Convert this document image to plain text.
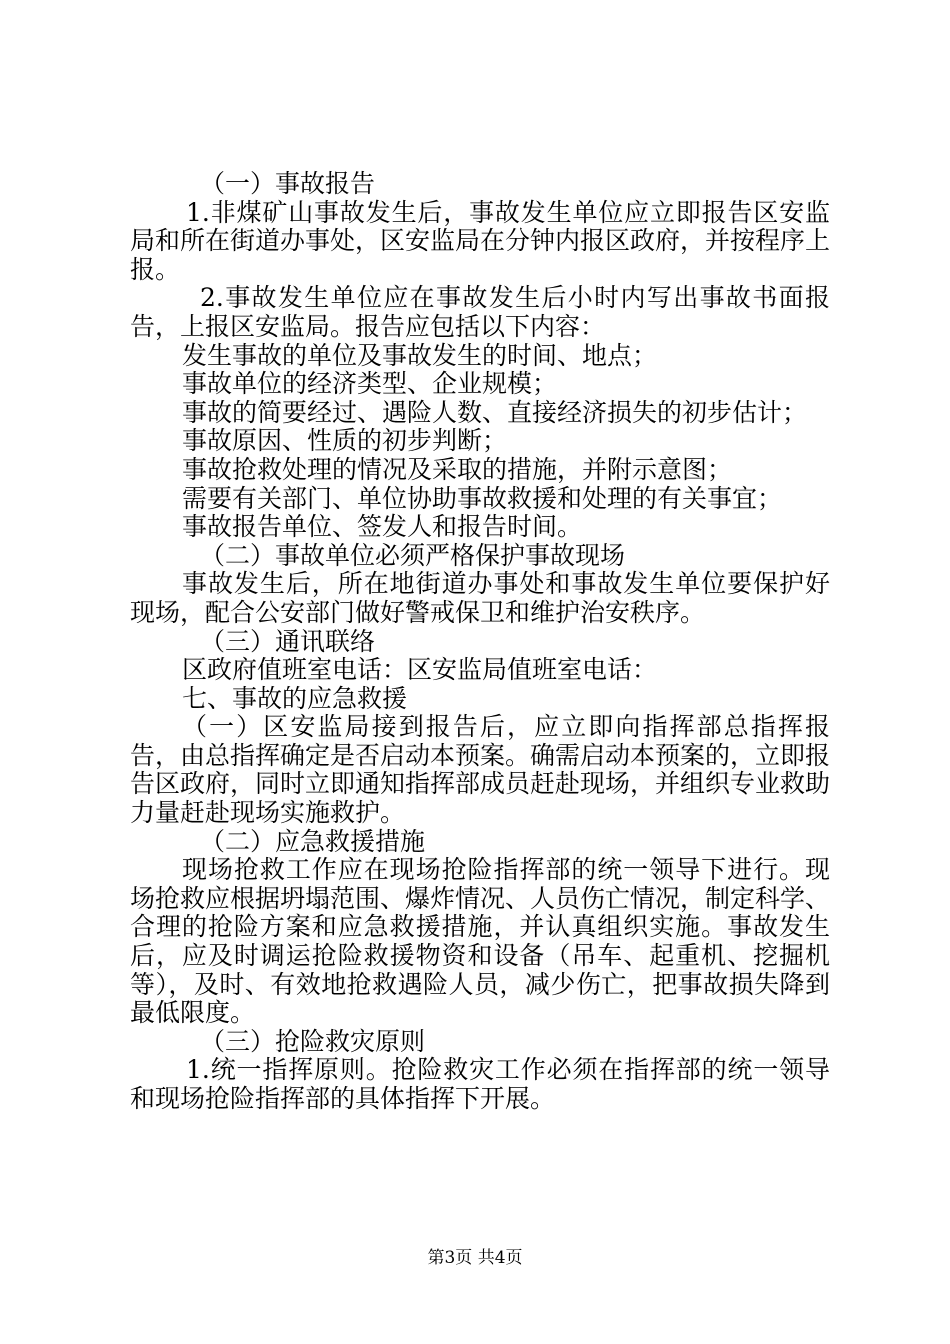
（一）事故报告

1.非煤矿山事故发生后，事故发生单位应立即报告区安监局和所在街道办事处，区安监局在分钟内报区政府，并按程序上报。

2.事故发生单位应在事故发生后小时内写出事故书面报告，上报区安监局。报告应包括以下内容：

发生事故的单位及事故发生的时间、地点；

事故单位的经济类型、企业规模；

事故的简要经过、遇险人数、直接经济损失的初步估计；

事故原因、性质的初步判断；

事故抢救处理的情况及采取的措施，并附示意图；

需要有关部门、单位协助事故救援和处理的有关事宜；

事故报告单位、签发人和报告时间。

（二）事故单位必须严格保护事故现场

事故发生后，所在地街道办事处和事故发生单位要保护好现场，配合公安部门做好警戒保卫和维护治安秩序。

（三）通讯联络

区政府值班室电话：区安监局值班室电话：

七、事故的应急救援

（一）区安监局接到报告后，应立即向指挥部总指挥报告，由总指挥确定是否启动本预案。确需启动本预案的，立即报告区政府，同时立即通知指挥部成员赶赴现场，并组织专业救助力量赶赴现场实施救护。

（二）应急救援措施

现场抢救工作应在现场抢险指挥部的统一领导下进行。现场抢救应根据坍塌范围、爆炸情况、人员伤亡情况，制定科学、合理的抢险方案和应急救援措施，并认真组织实施。事故发生后，应及时调运抢险救援物资和设备（吊车、起重机、挖掘机等），及时、有效地抢救遇险人员，减少伤亡，把事故损失降到最低限度。

（三）抢险救灾原则

1.统一指挥原则。抢险救灾工作必须在指挥部的统一领导和现场抢险指挥部的具体指挥下开展。

第3页 共4页
